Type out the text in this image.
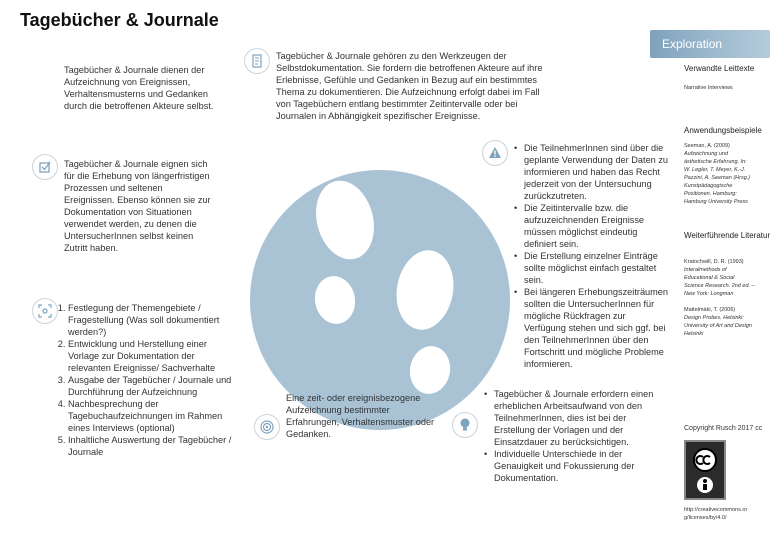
Tagebücher & Journale
Exploration
Tagebücher & Journale dienen der Aufzeichnung von Ereignissen, Verhaltensmusterns und Gedanken durch die betroffenen Akteure selbst.
Tagebücher & Journale eignen sich für die Erhebung von längerfristigen Prozessen und seltenen Ereignissen. Ebenso können sie zur Dokumentation von Situationen verwendet werden, zu denen die UntersucherInnen selbst keinen Zutritt haben.
1. Festlegung der Themengebiete / Fragestellung (Was soll dokumentiert werden?)
2. Entwicklung und Herstellung einer Vorlage zur Dokumentation der relevanten Ereignisse/ Sachverhalte
3. Ausgabe der Tagebücher / Journale und Durchführung der Aufzeichnung
4. Nachbesprechung der Tagebuchaufzeichnungen im Rahmen eines Interviews (optional)
5. Inhaltliche Auswertung der Tagebücher / Journale
Tagebücher & Journale gehören zu den Werkzeugen der Selbstdokumentation. Sie fordern die betroffenen Akteure auf ihre Erlebnisse, Gefühle und Gedanken in Bezug auf ein bestimmtes Thema zu dokumentieren. Die Aufzeichnung erfolgt dabei im Fall von Tagebüchern entlang bestimmter Zeitintervalle oder bei Journalen in Abhängigkeit spezifischer Ereignisse.
• Die TeilnehmerInnen sind über die geplante Verwendung der Daten zu informieren und haben das Recht jederzeit von der Untersuchung zurückzutreten.
• Die Zeitintervalle bzw. die aufzuzeichnenden Ereignisse müssen möglichst eindeutig definiert sein.
• Die Erstellung einzelner Einträge sollte möglichst einfach gestaltet sein.
• Bei längeren Erhebungszeiträumen sollten die UntersucherInnen für mögliche Rückfragen zur Verfügung stehen und sich ggf. bei den TeilnehmerInnen über den Fortschritt und mögliche Probleme informieren.
Eine zeit- oder ereignisbezogene Aufzeichnung bestimmter Erfahrungen, Verhaltensmuster oder Gedanken.
• Tagebücher & Journale erfordern einen erheblichen Arbeitsaufwand von den TeilnehmerInnen, dies ist bei der Erstellung der Vorlagen und der Einsatzdauer zu berücksichtigen.
• Individuelle Unterschiede in der Genauigkeit und Fokussierung der Dokumentation.
Verwandte Leittexte
Narrative Interviews
Anwendungsbeispiele
Seeman, A. (2009)
Aufzeichnung und
ästhetische Erfahrung. In:
W. Legler, T. Meyer, K.-J.
Pazzini, A. Seeman (Hrsg.)
Kunstpädagogische
Positionen. Hamburg:
Hamburg University Press
Weiterführende Literatur
Kratochwill, D. R. (1993)
Interalmethods of
Educational & Social
Science Research. 2nd ed. –
New York: Longman
Mattelmäki, T. (2006)
Design Probes. Helsinki:
University of Art and Design
Helsinki
Copyright Rusch 2017 cc
http://creativecommons.or g/licenses/by/4.0/
